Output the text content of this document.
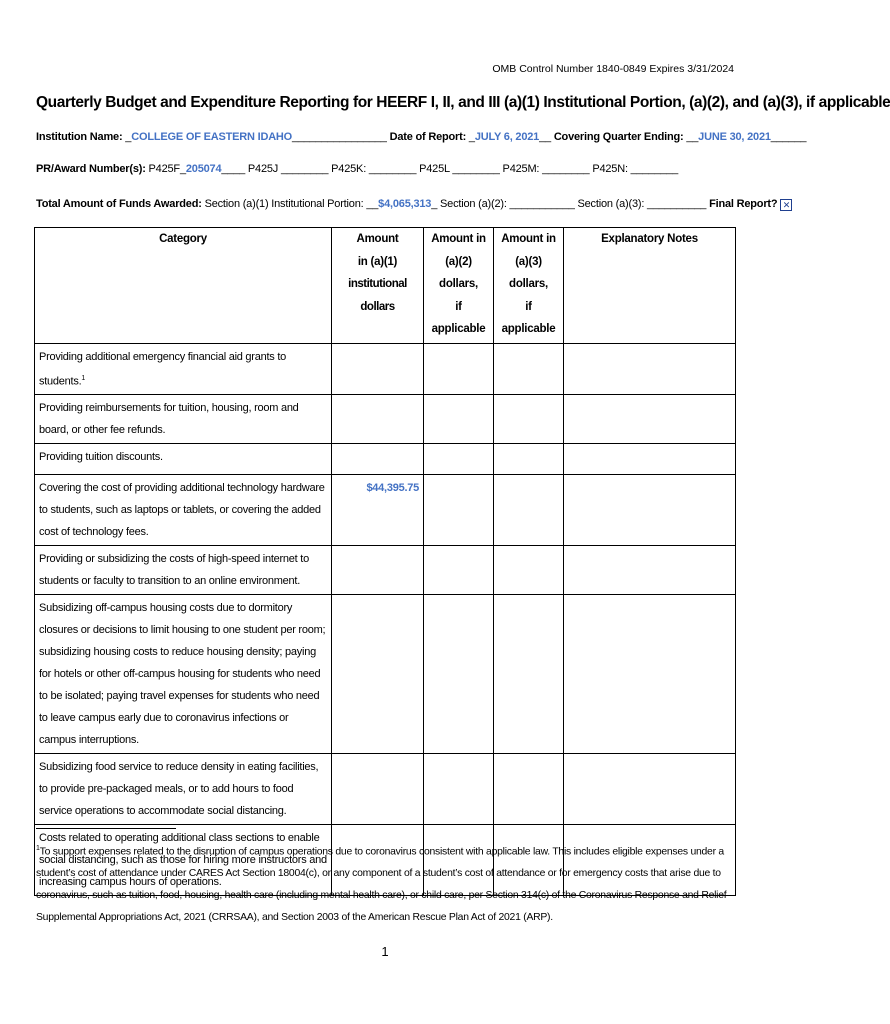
OMB Control Number 1840-0849 Expires 3/31/2024
Quarterly Budget and Expenditure Reporting for HEERF I, II, and III (a)(1) Institutional Portion, (a)(2), and (a)(3), if applicable
Institution Name: _COLLEGE OF EASTERN IDAHO________________ Date of Report: _JULY 6, 2021__ Covering Quarter Ending: __JUNE 30, 2021______
PR/Award Number(s): P425F_205074____ P425J ________ P425K: ________ P425L ________ P425M: ________ P425N: ________
Total Amount of Funds Awarded: Section (a)(1) Institutional Portion: __$4,065,313_ Section (a)(2): ___________ Section (a)(3): __________ Final Report? ✕
Category	Amount
in (a)(1)
institutional dollars	Amount in
(a)(2) dollars,
if applicable	Amount in
(a)(3) dollars,
if applicable	Explanatory Notes
Providing additional emergency financial aid grants to students.$^1$				
Providing reimbursements for tuition, housing, room and board, or other fee refunds.				
Providing tuition discounts.				
Covering the cost of providing additional technology hardware to students, such as laptops or tablets, or covering the added cost of technology fees.	$44,395.75			
Providing or subsidizing the costs of high-speed internet to students or faculty to transition to an online environment.				
Subsidizing off-campus housing costs due to dormitory closures or decisions to limit housing to one student per room; subsidizing housing costs to reduce housing density; paying for hotels or other off-campus housing for students who need to be isolated; paying travel expenses for students who need to leave campus early due to coronavirus infections or campus interruptions.				
Subsidizing food service to reduce density in eating facilities, to provide pre-packaged meals, or to add hours to food service operations to accommodate social distancing.				
Costs related to operating additional class sections to enable social distancing, such as those for hiring more instructors and increasing campus hours of operations.				
$^1$To support expenses related to the disruption of campus operations due to coronavirus consistent with applicable law. This includes eligible expenses under a student’s cost of attendance under CARES Act Section 18004(c), or any component of a student’s cost of attendance or for emergency costs that arise due to coronavirus, such as tuition, food, housing, health care (including mental health care), or child care, per Section 314(c) of the Coronavirus Response and Relief Supplemental Appropriations Act, 2021 (CRRSAA), and Section 2003 of the American Rescue Plan Act of 2021 (ARP).
1
